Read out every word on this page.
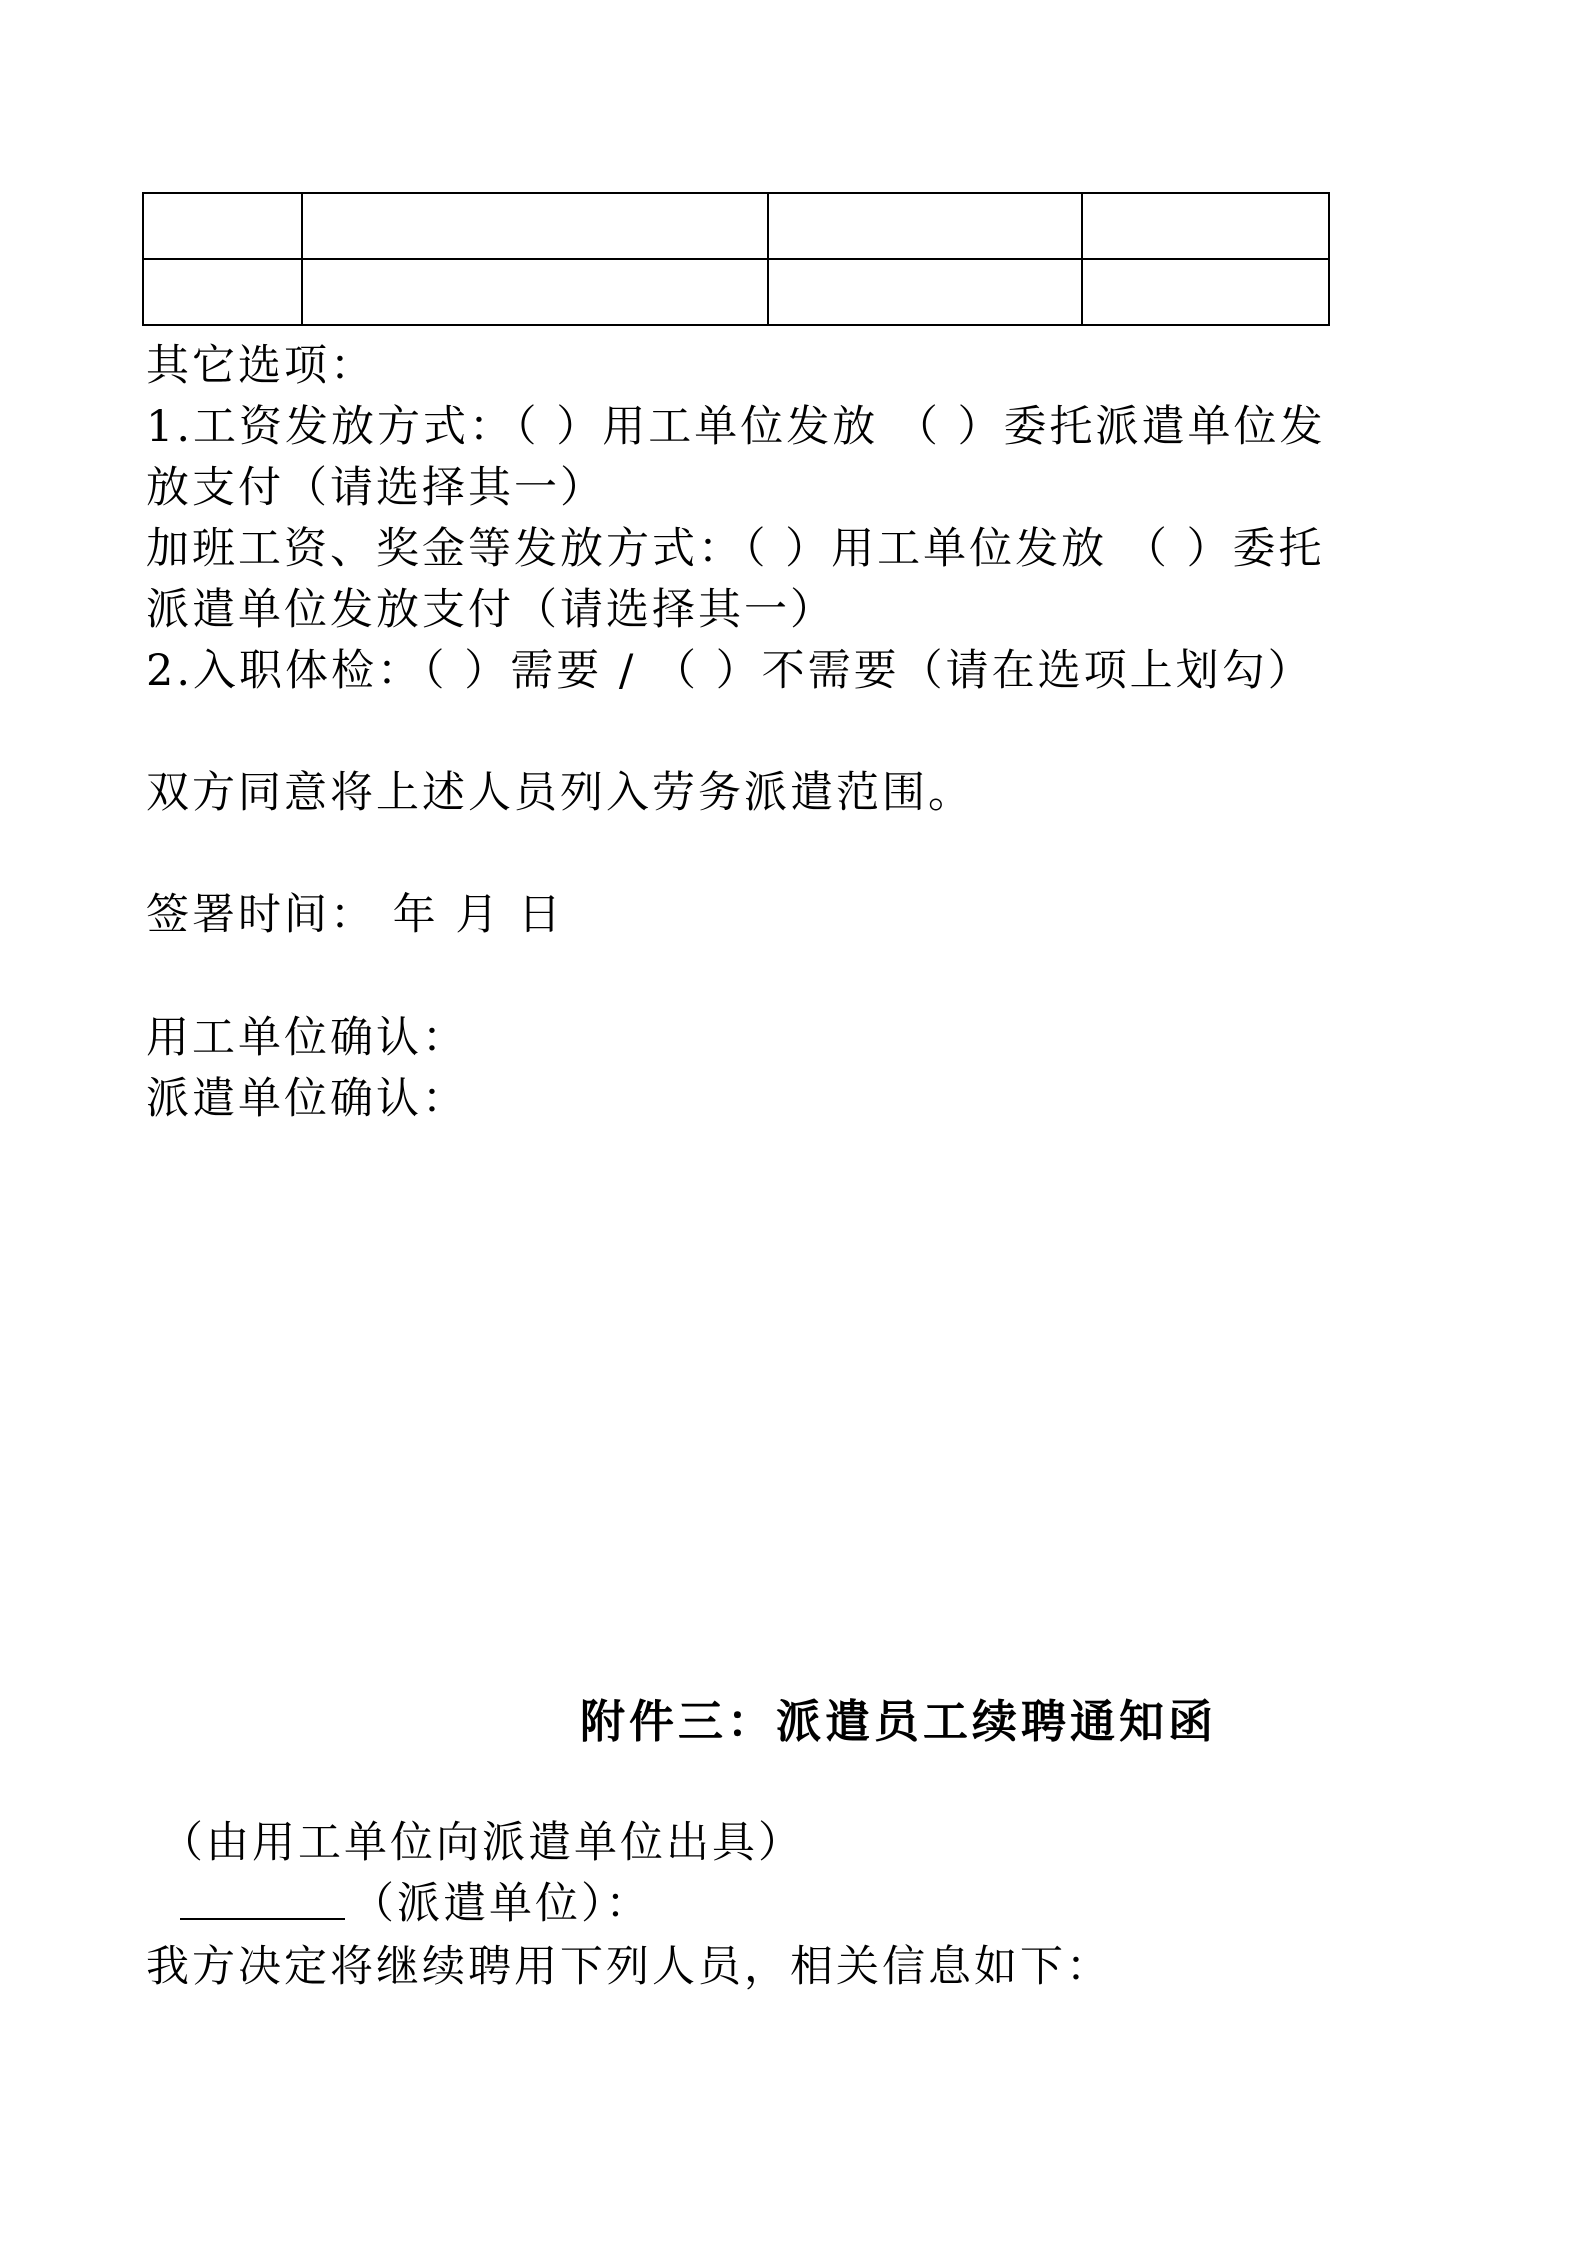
其它选项：
1.工资发放方式：（ ）用工单位发放 （ ）委托派遣单位发
放支付（请选择其一）
加班工资、奖金等发放方式：（ ）用工单位发放 （ ）委托
派遣单位发放支付（请选择其一）
2.入职体检：（ ）需要 / （ ）不需要（请在选项上划勾）
双方同意将上述人员列入劳务派遣范围。
签署时间： 年 月 日
用工单位确认：
派遣单位确认：
附件三：派遣员工续聘通知函
（由用工单位向派遣单位出具）
（派遣单位）：
我方决定将继续聘用下列人员，相关信息如下：
